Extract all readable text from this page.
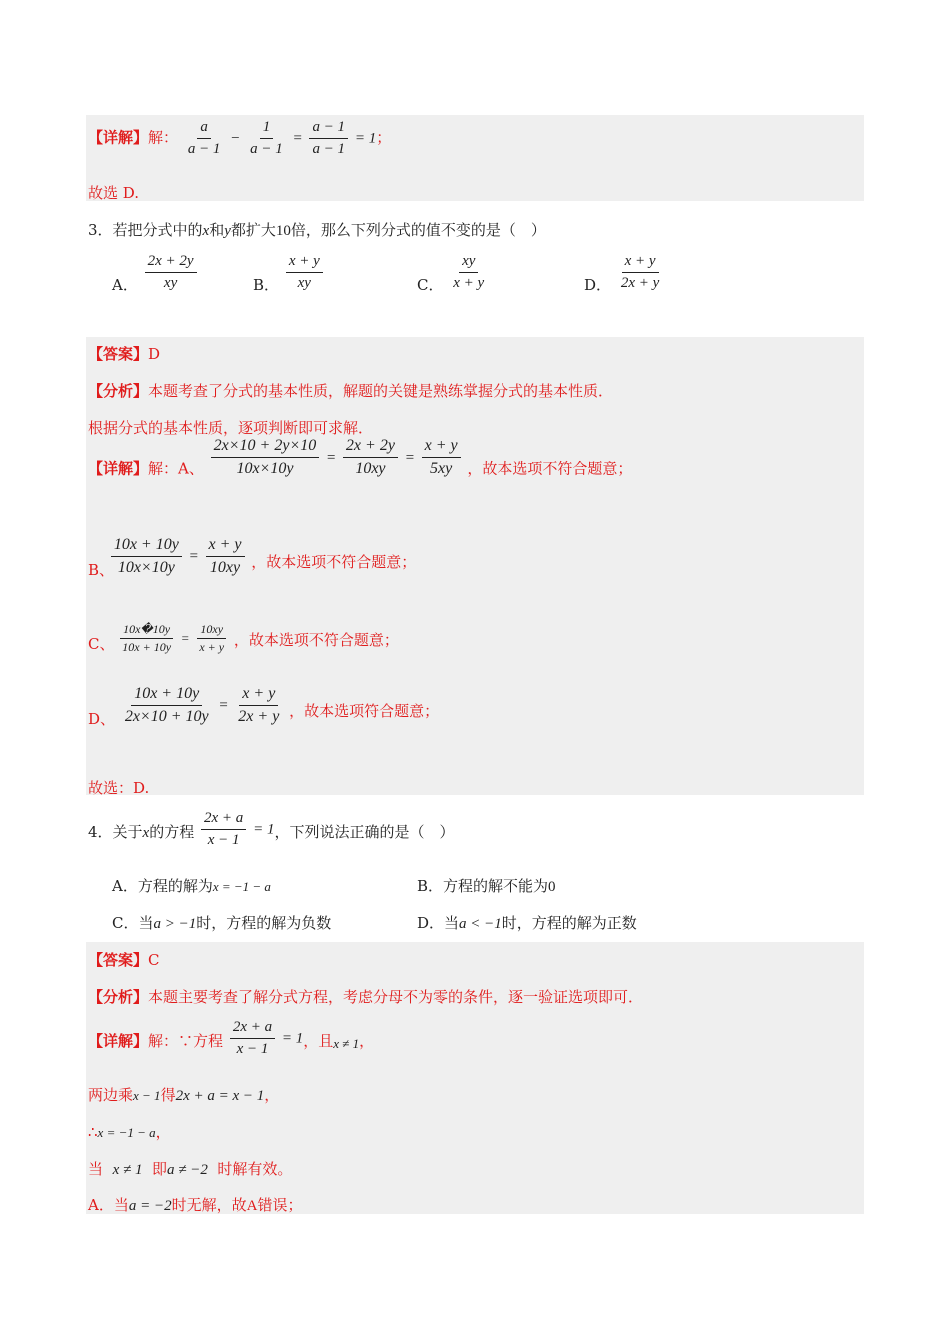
【详解】解： $\frac{a}{a - 1} - \frac{1}{a - 1} = \frac{a - 1}{a - 1} = 1$；
故选 D.
3．若把分式中的x和y都扩大10倍，那么下列分式的值不变的是（　）
A． $\frac{2x + 2y}{xy}$	B． $\frac{x + y}{xy}$	C． $\frac{xy}{x + y}$	D． $\frac{x + y}{2x + y}$
【答案】D
【分析】本题考查了分式的基本性质，解题的关键是熟练掌握分式的基本性质．
根据分式的基本性质，逐项判断即可求解．
【详解】解：A、 $\frac{2x\times 10 + 2y\times 10}{10x\times 10y} = \frac{2x + 2y}{10xy} = \frac{x + y}{5xy}$ ，故本选项不符合题意；
B、
$\frac{10x + 10y}{10x\times 10y} = \frac{x + y}{10xy}$ ，故本选项不符合题意；
C、 $\frac{10x�10y}{10x + 10y} = \frac{10xy}{x + y}$ ，故本选项不符合题意；
D、 $\frac{10x + 10y}{2x\times 10 + 10y} = \frac{x + y}{2x + y}$ ，故本选项符合题意；
故选：D.
4．关于x的方程 $\frac{2x + a}{x - 1} = 1$，下列说法正确的是（　）
A．方程的解为x = −1 − a	B．方程的解不能为0
C．当a > −1时，方程的解为负数	D．当a < −1时，方程的解为正数
【答案】C
【分析】本题主要考查了解分式方程，考虑分母不为零的条件，逐一验证选项即可．
【详解】解：∵方程 $\frac{2x + a}{x - 1} = 1$，且x ≠ 1，
两边乘x − 1得2x + a = x − 1，
∴x = −1 − a，
当 x ≠ 1 即a ≠ −2 时解有效。
A．当a = −2时无解，故A错误；
